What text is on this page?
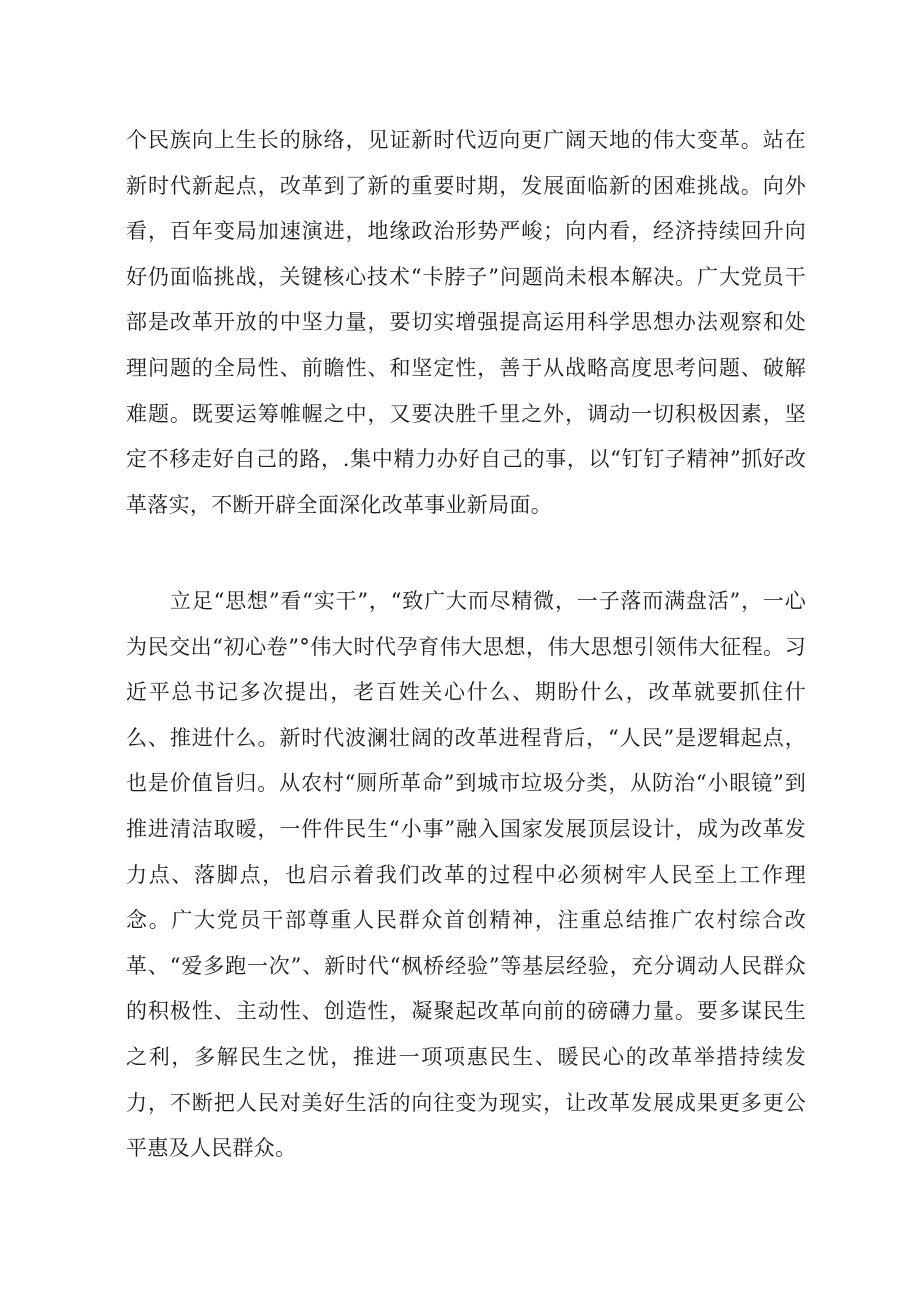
个民族向上生长的脉络，见证新时代迈向更广阔天地的伟大变革。站在新时代新起点，改革到了新的重要时期，发展面临新的困难挑战。向外看，百年变局加速演进，地缘政治形势严峻；向内看，经济持续回升向好仍面临挑战，关键核心技术“卡脖子”问题尚未根本解决。广大党员干部是改革开放的中坚力量，要切实增强提高运用科学思想办法观察和处理问题的全局性、前瞻性、和坚定性，善于从战略高度思考问题、破解难题。既要运筹帷幄之中，又要决胜千里之外，调动一切积极因素，坚定不移走好自己的路，.集中精力办好自己的事，以“钉钉子精神”抓好改革落实，不断开辟全面深化改革事业新局面。

立足“思想”看“实干”，“致广大而尽精微，一子落而满盘活”，一心为民交出“初心卷”°伟大时代孕育伟大思想，伟大思想引领伟大征程。习近平总书记多次提出，老百姓关心什么、期盼什么，改革就要抓住什么、推进什么。新时代波澜壮阔的改革进程背后，“人民”是逻辑起点，也是价值旨归。从农村“厕所革命”到城市垃圾分类，从防治“小眼镜”到推进清洁取暧，一件件民生“小事”融入国家发展顶层设计，成为改革发力点、落脚点，也启示着我们改革的过程中必须树牢人民至上工作理念。广大党员干部尊重人民群众首创精神，注重总结推广农村综合改革、“爱多跑一次”、新时代“枫桥经验”等基层经验，充分调动人民群众的积极性、主动性、创造性，凝聚起改革向前的磅礴力量。要多谋民生之利，多解民生之忧，推进一项项惠民生、暖民心的改革举措持续发力，不断把人民对美好生活的向往变为现实，让改革发展成果更多更公平惠及人民群众。
